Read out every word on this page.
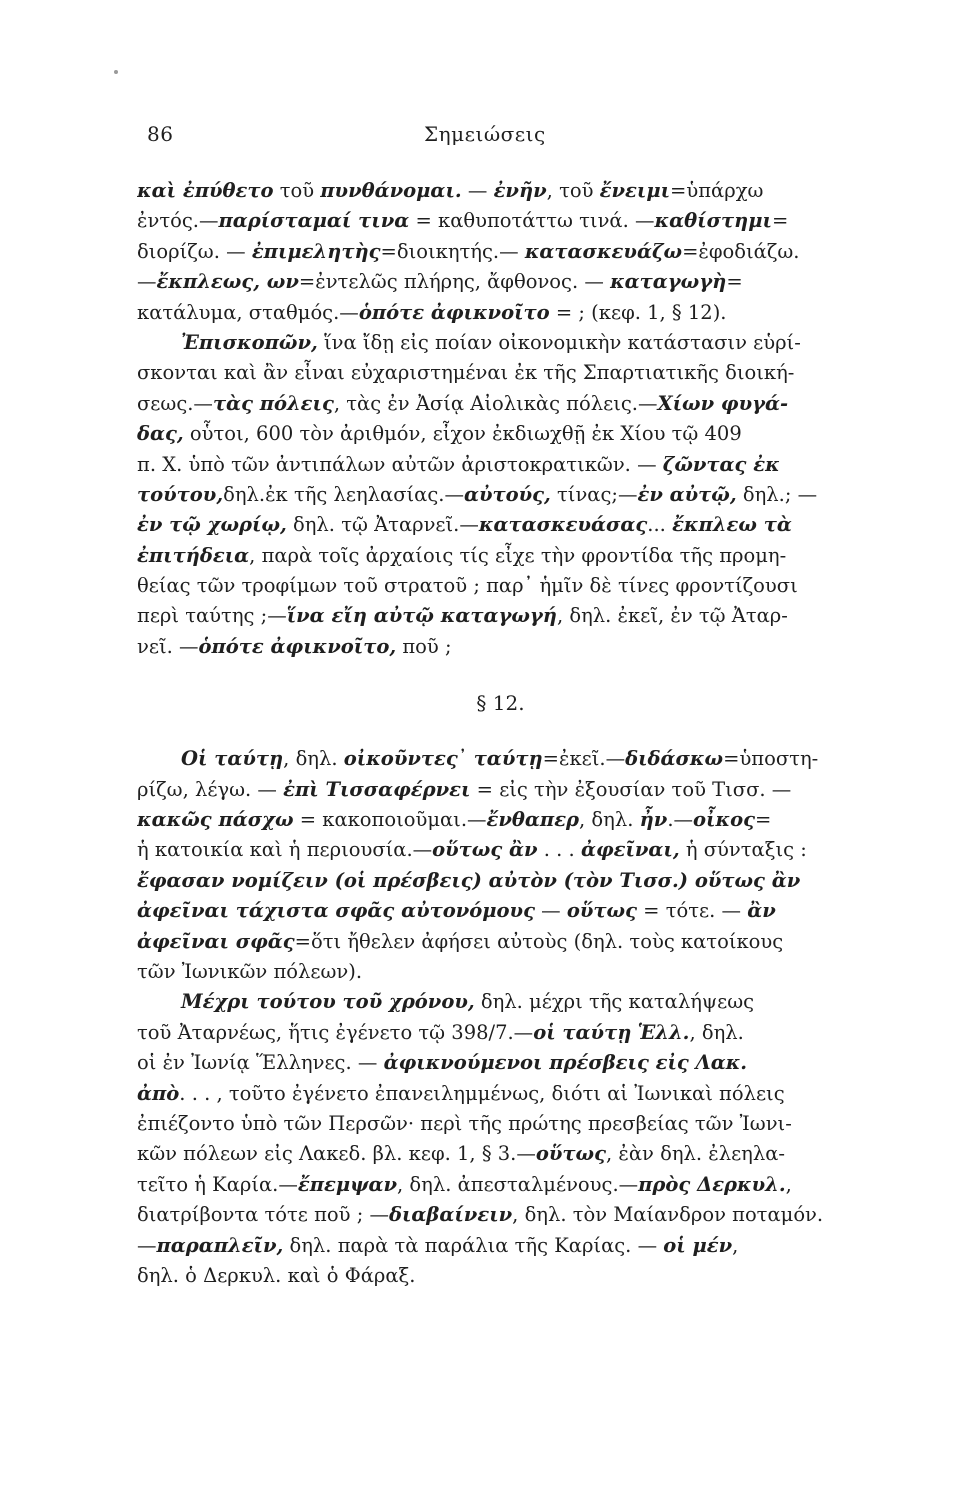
86	Σημειώσεις
καὶ ἐπύθετο τοῦ πυνθάνομαι. — ἐνῆν, τοῦ ἔνειμι=ὑπάρχω
ἐντός.—παρίσταμαί τινα = καθυποτάττω τινά. —καθίστημι=
διορίζω. — ἐπιμελητὴς=διοικητής.— κατασκευάζω=ἐφοδιάζω.
—ἔκπλεως, ων=ἐντελῶς πλήρης, ἄφθονος. — καταγωγὴ=
κατάλυμα, σταθμός.—ὁπότε ἀφικνοῖτο = ; (κεφ. 1, § 12).
Ἐπισκοπῶν, ἵνα ἴδῃ εἰς ποίαν οἰκονομικὴν κατάστασιν εὑρί-
σκονται καὶ ἂν εἶναι εὐχαριστημέναι ἐκ τῆς Σπαρτιατικῆς διοική-
σεως.—τὰς πόλεις, τὰς ἐν Ἀσίᾳ Αἰολικὰς πόλεις.—Χίων φυγά-
δας, οὗτοι, 600 τὸν ἀριθμόν, εἶχον ἐκδιωχθῇ ἐκ Χίου τῷ 409
π. Χ. ὑπὸ τῶν ἀντιπάλων αὐτῶν ἀριστοκρατικῶν. — ζῶντας ἐκ
τούτου,δηλ.ἐκ τῆς λεηλασίας.—αὐτούς, τίνας;—ἐν αὐτῷ, δηλ.; —
ἐν τῷ χωρίῳ, δηλ. τῷ Ἀταρνεῖ.—κατασκευάσας... ἔκπλεω τὰ
ἐπιτήδεια, παρὰ τοῖς ἀρχαίοις τίς εἶχε τὴν φροντίδα τῆς προμη-
θείας τῶν τροφίμων τοῦ στρατοῦ ; παρ᾽ ἡμῖν δὲ τίνες φροντίζουσι
περὶ ταύτης ;—ἵνα εἴη αὐτῷ καταγωγή, δηλ. ἐκεῖ, ἐν τῷ Ἀταρ-
νεῖ. —ὁπότε ἀφικνοῖτο, ποῦ ;
§ 12.
Οἱ ταύτῃ, δηλ. οἰκοῦντες᾽ ταύτῃ=ἐκεῖ.—διδάσκω=ὑποστη-
ρίζω, λέγω. — ἐπὶ Τισσαφέρνει = εἰς τὴν ἐξουσίαν τοῦ Τισσ. —
κακῶς πάσχω = κακοποιοῦμαι.—ἔνθαπερ, δηλ. ἦν.—οἶκος=
ἡ κατοικία καὶ ἡ περιουσία.—οὕτως ἂν . . . ἀφεῖναι, ἡ σύνταξις :
ἔφασαν νομίζειν (οἱ πρέσβεις) αὐτὸν (τὸν Τισσ.) οὕτως ἂν
ἀφεῖναι τάχιστα σφᾶς αὐτονόμους — οὕτως = τότε. — ἂν
ἀφεῖναι σφᾶς=ὅτι ἤθελεν ἀφήσει αὐτοὺς (δηλ. τοὺς κατοίκους
τῶν Ἰωνικῶν πόλεων).
Μέχρι τούτου τοῦ χρόνου, δηλ. μέχρι τῆς καταλήψεως
τοῦ Ἀταρνέως, ἥτις ἐγένετο τῷ 398/7.—οἱ ταύτῃ Ἑλλ., δηλ.
οἱ ἐν Ἰωνίᾳ Ἕλληνες. — ἀφικνούμενοι πρέσβεις εἰς Λακ.
ἀπὸ. . . , τοῦτο ἐγένετο ἐπανειλημμένως, διότι αἱ Ἰωνικαὶ πόλεις
ἐπιέζοντο ὑπὸ τῶν Περσῶν· περὶ τῆς πρώτης πρεσβείας τῶν Ἰωνι-
κῶν πόλεων εἰς Λακεδ. βλ. κεφ. 1, § 3.—οὕτως, ἐὰν δηλ. ἐλεηλα-
τεῖτο ἡ Καρία.—ἔπεμψαν, δηλ. ἀπεσταλμένους.—πρὸς Δερκυλ.,
διατρίβοντα τότε ποῦ ; —διαβαίνειν, δηλ. τὸν Μαίανδρον ποταμόν.
—παραπλεῖν, δηλ. παρὰ τὰ παράλια τῆς Καρίας. — οἱ μέν,
δηλ. ὁ Δερκυλ. καὶ ὁ Φάραξ.
